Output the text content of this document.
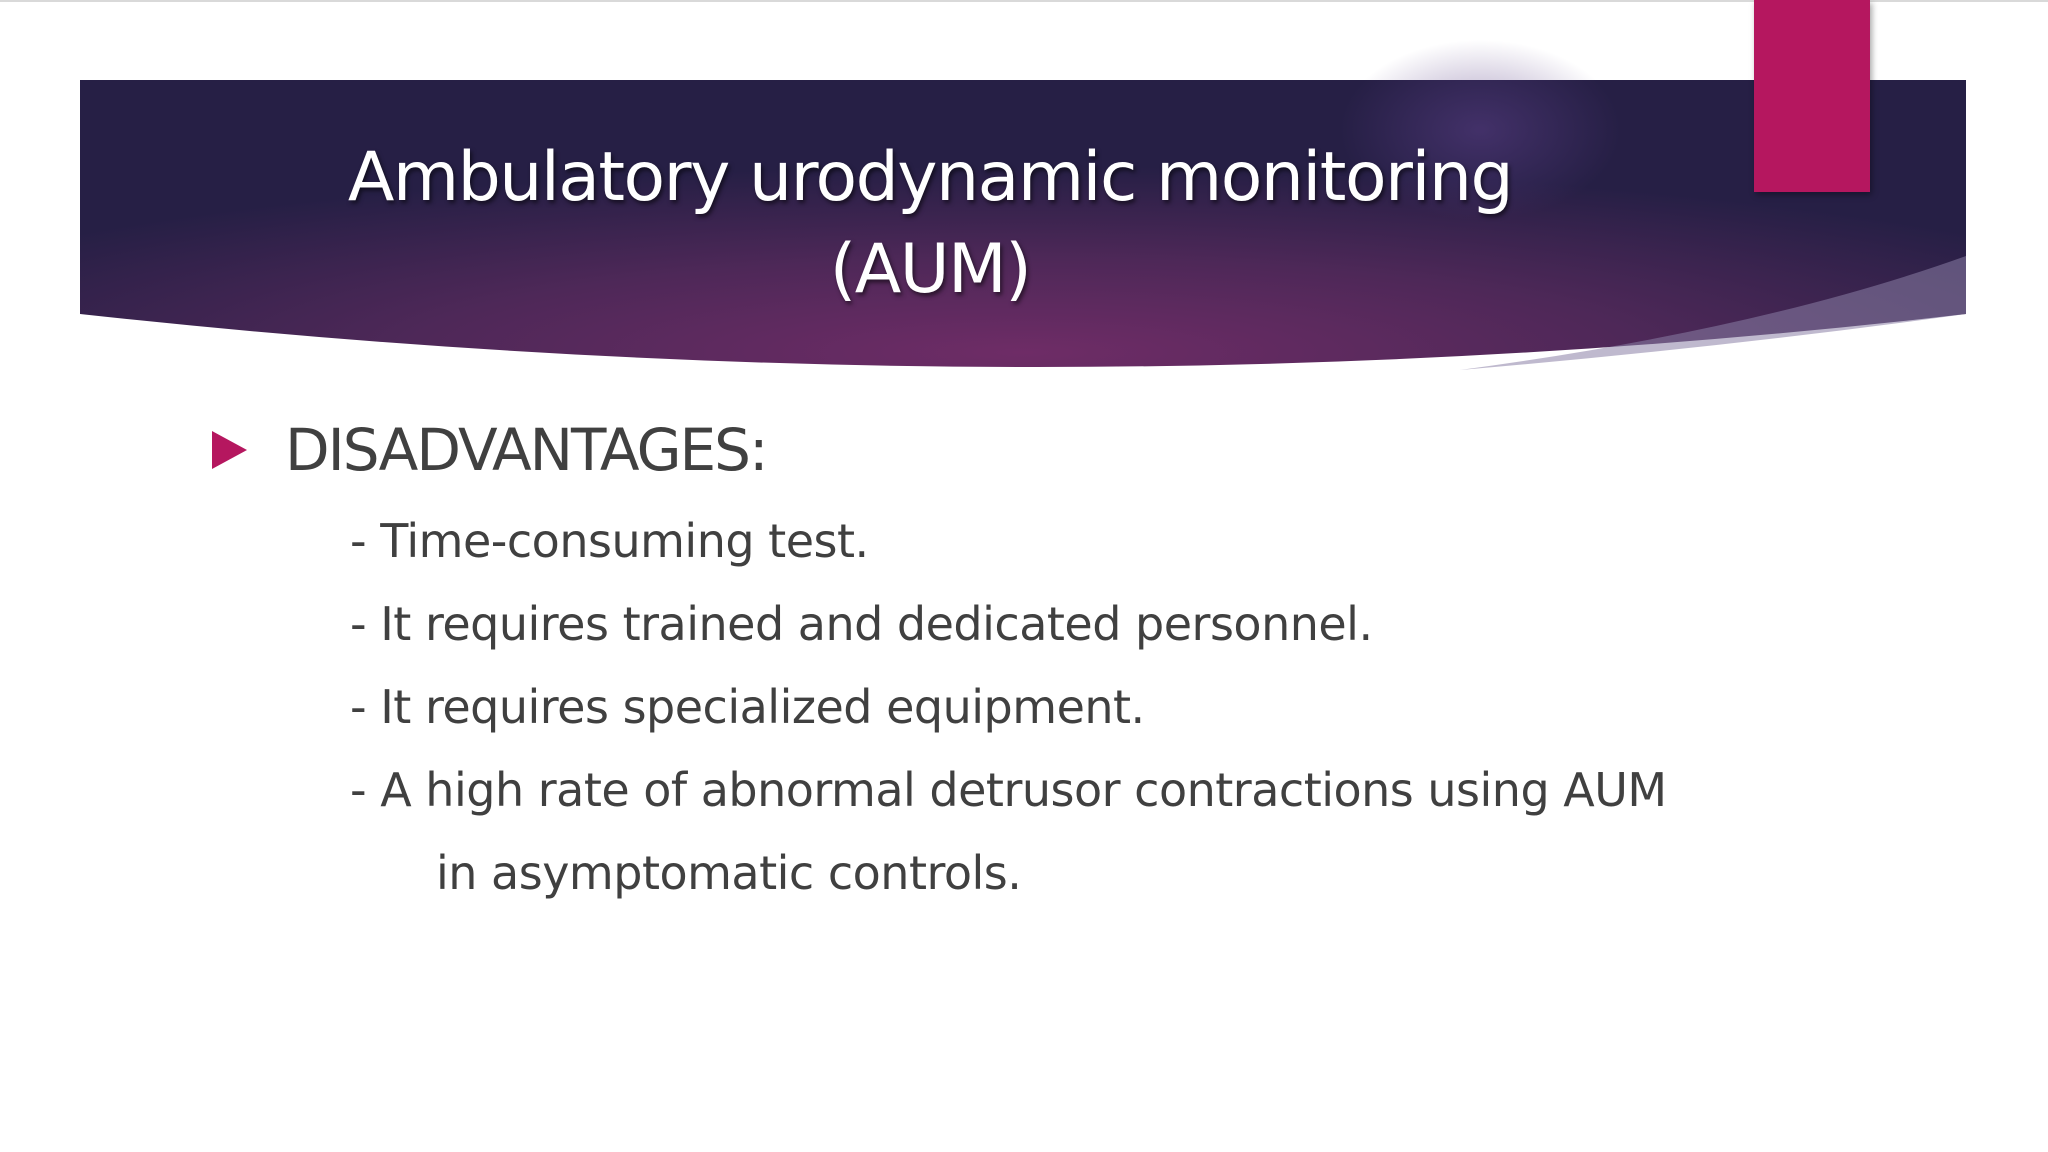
Ambulatory urodynamic monitoring
(AUM)
DISADVANTAGES:
- Time-consuming test.
- It requires trained and dedicated personnel.
- It requires specialized equipment.
- A high rate of abnormal detrusor contractions using AUM
in asymptomatic controls.
